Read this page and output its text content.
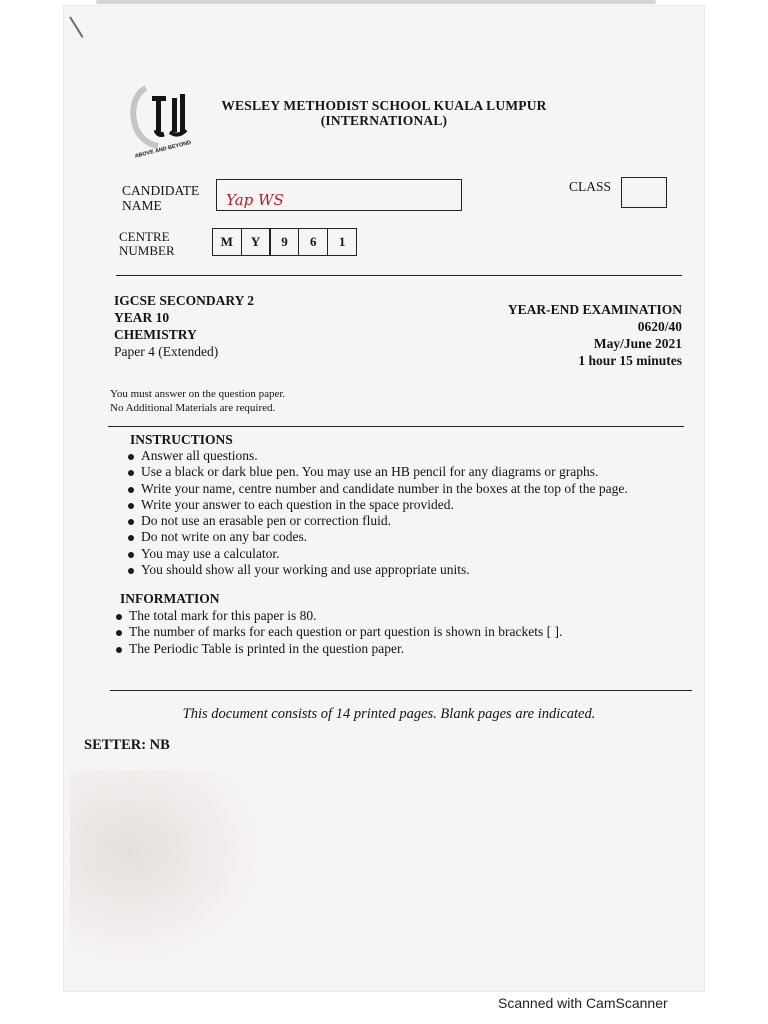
ABOVE AND BEYOND
WESLEY METHODIST SCHOOL KUALA LUMPUR
(INTERNATIONAL)
CANDIDATE
NAME	Yap WS
CLASS
CENTRE
NUMBER
M	Y	9	6	1
IGCSE SECONDARY 2
YEAR 10
CHEMISTRY
Paper 4 (Extended)
YEAR-END EXAMINATION
0620/40
May/June 2021
1 hour 15 minutes
You must answer on the question paper.
No Additional Materials are required.
INSTRUCTIONS
Answer all questions.
Use a black or dark blue pen. You may use an HB pencil for any diagrams or graphs.
Write your name, centre number and candidate number in the boxes at the top of the page.
Write your answer to each question in the space provided.
Do not use an erasable pen or correction fluid.
Do not write on any bar codes.
You may use a calculator.
You should show all your working and use appropriate units.
INFORMATION
The total mark for this paper is 80.
The number of marks for each question or part question is shown in brackets [ ].
The Periodic Table is printed in the question paper.
This document consists of 14 printed pages. Blank pages are indicated.
SETTER: NB
Scanned with CamScanner
